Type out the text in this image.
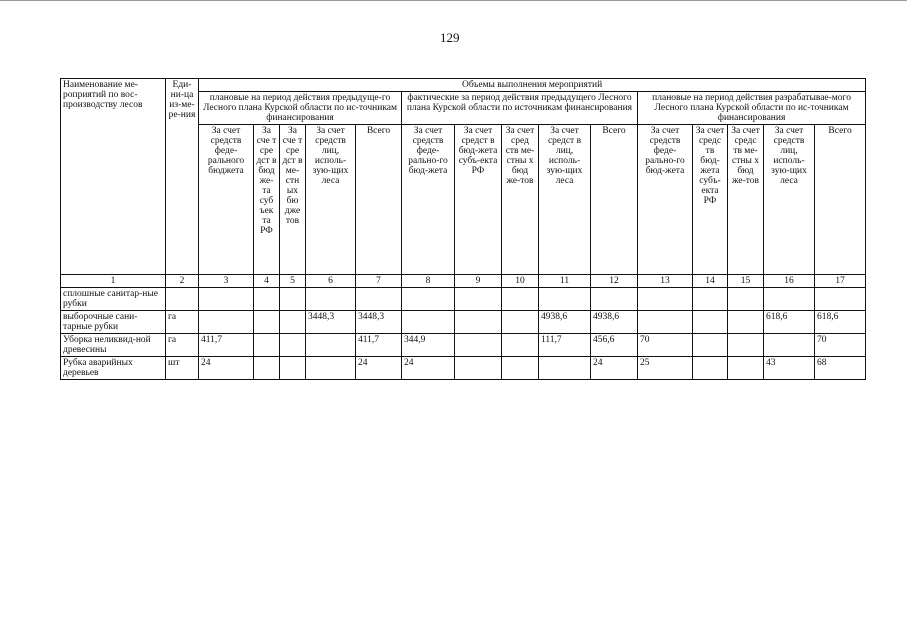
129
Наименование ме-роприятий по вос-производству лесов	Еди-ни-ца из-ме-ре-ния	Объемы выполнения мероприятий														
		плановые на период действия предыдуще-го Лесного плана Курской области по ис-точникам финансирования					фактические за период действия предыдущего Лесного плана Курской области по источникам финансирования					плановые на период действия разрабатывае-мого Лесного плана Курской области по ис-точникам финансирования				
		За счет средств феде-рального бюджета	За сче т сре дст в бюд же-та суб ъек та РФ	За сче т сре дст в ме-стн ых бю дже тов	За счет средств лиц, исполь-зую-щих леса	Всего	За счет средств феде-рально-го бюд-жета	За счет средст в бюд-жета субъ-екта РФ	За счет сред ств ме-стны х бюд же-тов	За счет средст в лиц, исполь-зую-щих леса	Всего	За счет средств феде-рально-го бюд-жета	За счет средс тв бюд-жета субъ-екта РФ	За счет средс тв ме-стны х бюд же-тов	За счет средств лиц, исполь-зую-щих леса	Всего
1	2	3	4	5	6	7	8	9	10	11	12	13	14	15	16	17
сплошные санитар-ные рубки																
выборочные сани-тарные рубки	га				3448,3	3448,3				4938,6	4938,6				618,6	618,6
Уборка неликвид-ной древесины	га	411,7				411,7	344,9			111,7	456,6	70				70
Рубка аварийных деревьев	шт	24				24	24				24	25			43	68
